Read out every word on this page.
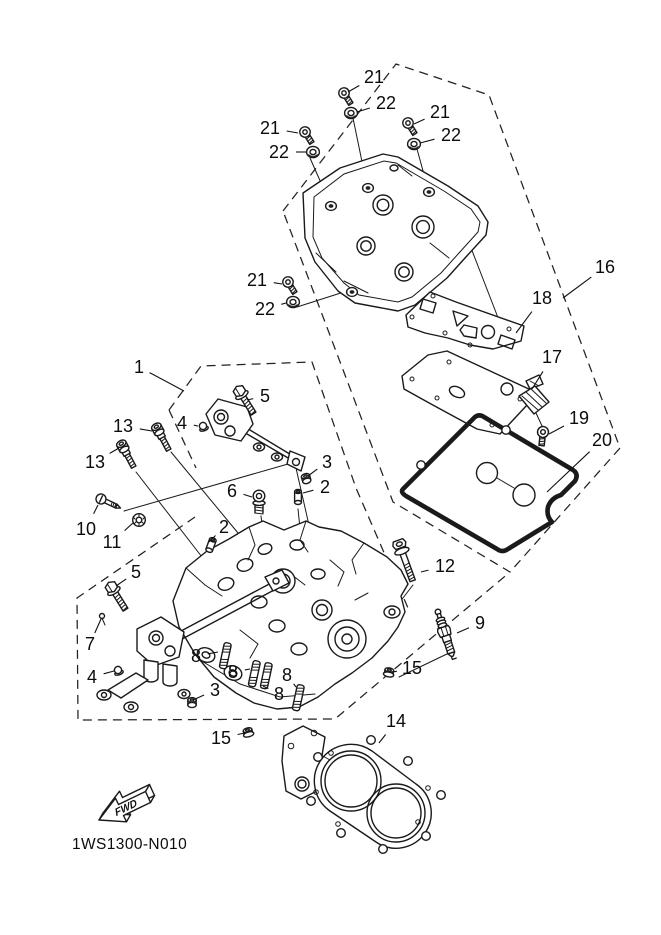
FWD
1WS1300-N010
21
22 21
22
21
22
21
22
16
18
17
19
20
1
5
4
13
13	3
2
6
10
11
2
5
7
4
3
8
8
8
8
15
15
12
9
14
